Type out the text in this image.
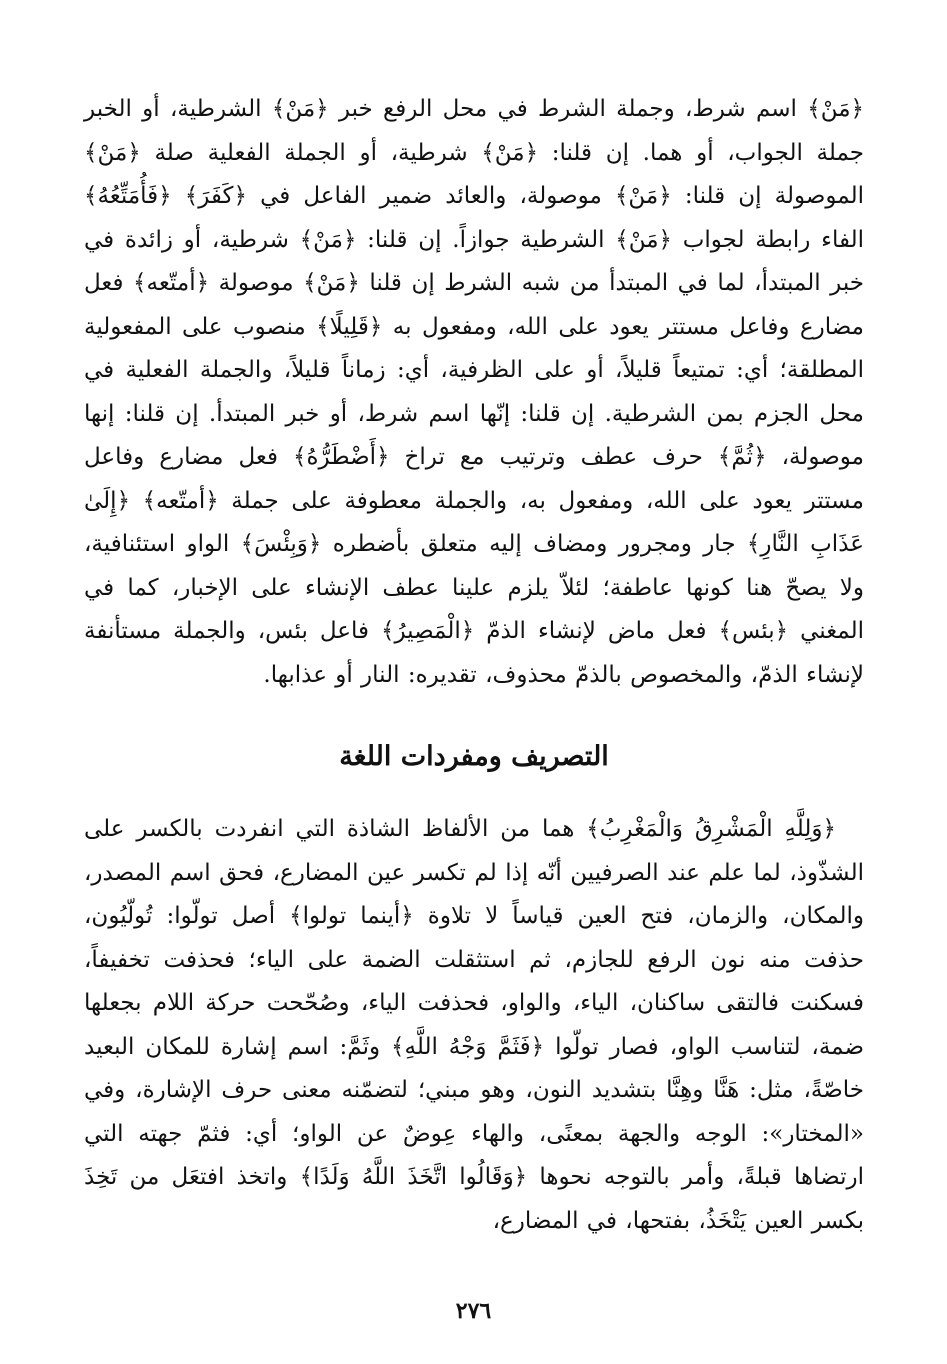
﴿مَنْ﴾ اسم شرط، وجملة الشرط في محل الرفع خبر ﴿مَنْ﴾ الشرطية، أو الخبر جملة الجواب، أو هما. إن قلنا: ﴿مَنْ﴾ شرطية، أو الجملة الفعلية صلة ﴿مَنْ﴾ الموصولة إن قلنا: ﴿مَنْ﴾ موصولة، والعائد ضمير الفاعل في ﴿كَفَرَ﴾ ﴿فَأُمَتِّعُهُ﴾ الفاء رابطة لجواب ﴿مَنْ﴾ الشرطية جوازاً. إن قلنا: ﴿مَنْ﴾ شرطية، أو زائدة في خبر المبتدأ، لما في المبتدأ من شبه الشرط إن قلنا ﴿مَنْ﴾ موصولة ﴿أمتّعه﴾ فعل مضارع وفاعل مستتر يعود على الله، ومفعول به ﴿قَلِيلًا﴾ منصوب على المفعولية المطلقة؛ أي: تمتيعاً قليلاً، أو على الظرفية، أي: زماناً قليلاً، والجملة الفعلية في محل الجزم بمن الشرطية. إن قلنا: إنّها اسم شرط، أو خبر المبتدأ. إن قلنا: إنها موصولة، ﴿ثُمَّ﴾ حرف عطف وترتيب مع تراخ ﴿أَضْطَرُّهُ﴾ فعل مضارع وفاعل مستتر يعود على الله، ومفعول به، والجملة معطوفة على جملة ﴿أمتّعه﴾ ﴿إِلَىٰ عَذَابِ النَّارِ﴾ جار ومجرور ومضاف إليه متعلق بأضطره ﴿وَبِئْسَ﴾ الواو استئنافية، ولا يصحّ هنا كونها عاطفة؛ لئلاّ يلزم علينا عطف الإنشاء على الإخبار، كما في المغني ﴿بئس﴾ فعل ماض لإنشاء الذمّ ﴿الْمَصِيرُ﴾ فاعل بئس، والجملة مستأنفة لإنشاء الذمّ، والمخصوص بالذمّ محذوف، تقديره: النار أو عذابها.

التصريف ومفردات اللغة

﴿وَلِلَّهِ الْمَشْرِقُ وَالْمَغْرِبُ﴾ هما من الألفاظ الشاذة التي انفردت بالكسر على الشذّوذ، لما علم عند الصرفيين أنّه إذا لم تكسر عين المضارع، فحق اسم المصدر، والمكان، والزمان، فتح العين قياساً لا تلاوة ﴿أينما تولوا﴾ أصل تولّوا: تُولّيُون، حذفت منه نون الرفع للجازم، ثم استثقلت الضمة على الياء؛ فحذفت تخفيفاً، فسكنت فالتقى ساكنان، الياء، والواو، فحذفت الياء، وصُحّحت حركة اللام بجعلها ضمة، لتناسب الواو، فصار تولّوا ﴿فَثَمَّ وَجْهُ اللَّهِ﴾ وثَمَّ: اسم إشارة للمكان البعيد خاصّةً، مثل: هَنَّا وهِنَّا بتشديد النون، وهو مبني؛ لتضمّنه معنى حرف الإشارة، وفي «المختار»: الوجه والجهة بمعنًى، والهاء عِوضٌ عن الواو؛ أي: فثمّ جهته التي ارتضاها قبلةً، وأمر بالتوجه نحوها ﴿وَقَالُوا اتَّخَذَ اللَّهُ وَلَدًا﴾ واتخذ افتعَل من تَخِذَ بكسر العين يَتْخَذُ، بفتحها، في المضارع،

٢٧٦
